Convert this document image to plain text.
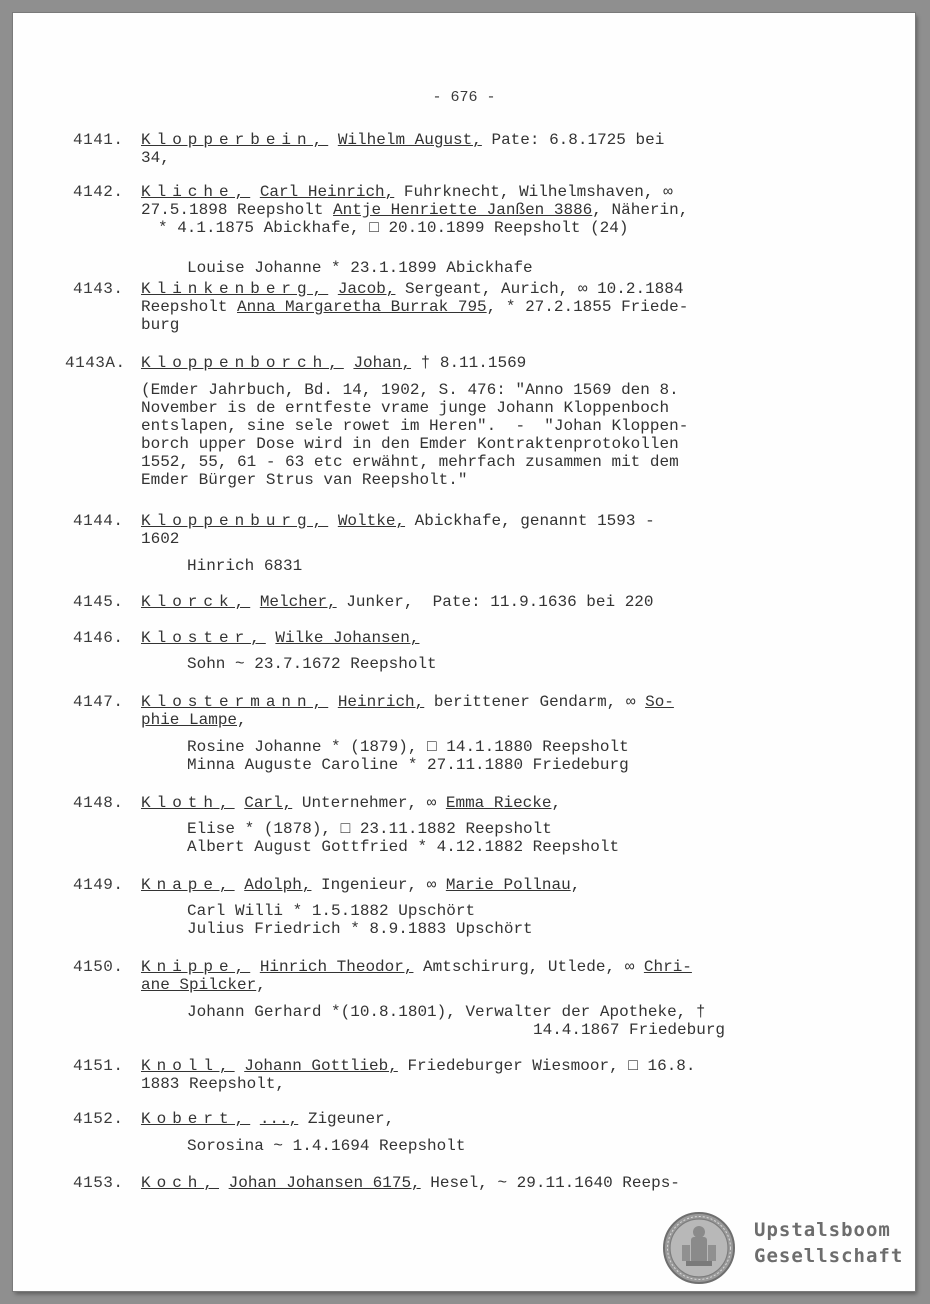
- 676 -
4141. Klopperbein, Wilhelm August, Pate: 6.8.1725 bei
34,
4142. Kliche, Carl Heinrich, Fuhrknecht, Wilhelmshaven, ∞
27.5.1898 Reepsholt Antje Henriette Janßen 3886, Näherin,
* 4.1.1875 Abickhafe, □ 20.10.1899 Reepsholt (24)
Louise Johanne * 23.1.1899 Abickhafe
4143. Klinkenberg, Jacob, Sergeant, Aurich, ∞ 10.2.1884
Reepsholt Anna Margaretha Burrak 795, * 27.2.1855 Friede-
burg
4143A. Kloppenborch, Johan, † 8.11.1569
(Emder Jahrbuch, Bd. 14, 1902, S. 476: "Anno 1569 den 8.
November is de erntfeste vrame junge Johann Kloppenboch
entslapen, sine sele rowet im Heren".  -  "Johan Kloppen-
borch upper Dose wird in den Emder Kontraktenprotokollen
1552, 55, 61 - 63 etc erwähnt, mehrfach zusammen mit dem
Emder Bürger Strus van Reepsholt."
4144. Kloppenburg, Woltke, Abickhafe, genannt 1593 -
1602
Hinrich 6831
4145. Klorck, Melcher, Junker,  Pate: 11.9.1636 bei 220
4146. Kloster, Wilke Johansen,
Sohn ~ 23.7.1672 Reepsholt
4147. Klostermann, Heinrich, berittener Gendarm, ∞ So-
phie Lampe,
Rosine Johanne * (1879), □ 14.1.1880 Reepsholt
Minna Auguste Caroline * 27.11.1880 Friedeburg
4148. Kloth, Carl, Unternehmer, ∞ Emma Riecke,
Elise * (1878), □ 23.11.1882 Reepsholt
Albert August Gottfried * 4.12.1882 Reepsholt
4149. Knape, Adolph, Ingenieur, ∞ Marie Pollnau,
Carl Willi * 1.5.1882 Upschört
Julius Friedrich * 8.9.1883 Upschört
4150. Knippe, Hinrich Theodor, Amtschirurg, Utlede, ∞ Chri-
ane Spilcker,
Johann Gerhard *(10.8.1801), Verwalter der Apotheke, †
14.4.1867 Friedeburg
4151. Knoll, Johann Gottlieb, Friedeburger Wiesmoor, □ 16.8.
1883 Reepsholt,
4152. Kobert, ..., Zigeuner,
Sorosina ~ 1.4.1694 Reepsholt
4153. Koch, Johan Johansen 6175, Hesel, ~ 29.11.1640 Reeps-
Upstalsboom
Gesellschaft
